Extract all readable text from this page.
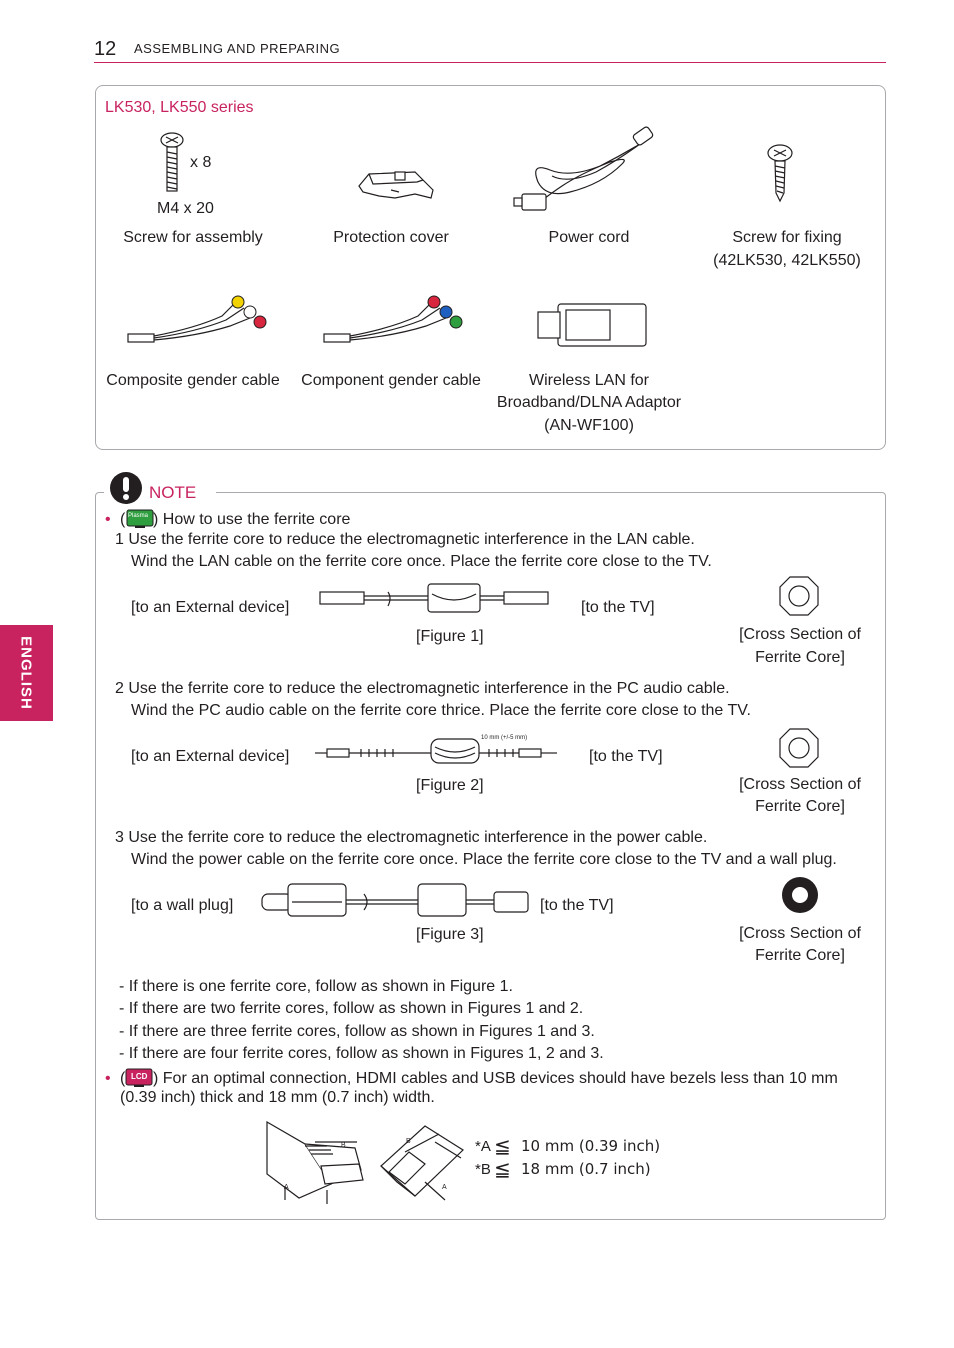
12 ASSEMBLING AND PREPARING
ENGLISH
LK530, LK550 series
x 8
M4 x 20
Screw for assembly	Protection cover	Power cord	Screw for fixing
(42LK530, 42LK550)
Composite gender cable	Component gender cable	Wireless LAN for
Broadband/DLNA Adaptor
(AN-WF100)
NOTE
• ( Plasma ) How to use the ferrite core
1 Use the ferrite core to reduce the electromagnetic interference in the LAN cable.
Wind the LAN cable on the ferrite core once. Place the ferrite core close to the TV.
[to an External device]	[to the TV]
[Figure 1]	[Cross Section of
Ferrite Core]
2 Use the ferrite core to reduce the electromagnetic interference in the PC audio cable.
Wind the PC audio cable on the ferrite core thrice. Place the ferrite core close to the TV.
[to an External device]
10 mm (+/-5 mm)
[to the TV]
[Figure 2]	[Cross Section of
Ferrite Core]
3 Use the ferrite core to reduce the electromagnetic interference in the power cable.
Wind the power cable on the ferrite core once. Place the ferrite core close to the TV and a wall plug.
[to a wall plug]	[to the TV]
[Figure 3]	[Cross Section of
Ferrite Core]
- If there is one ferrite core, follow as shown in Figure 1.
- If there are two ferrite cores, follow as shown in Figures 1 and 2.
- If there are three ferrite cores, follow as shown in Figures 1 and 3.
- If there are four ferrite cores, follow as shown in Figures 1, 2 and 3.
• ( LCD ) For an optimal connection, HDMI cables and USB devices should have bezels less than 10 mm
(0.39 inch) thick and 18 mm (0.7 inch) width.
A
B
B
A
*A ≦ 10 mm (0.39 inch)
*B ≦ 18 mm (0.7 inch)
